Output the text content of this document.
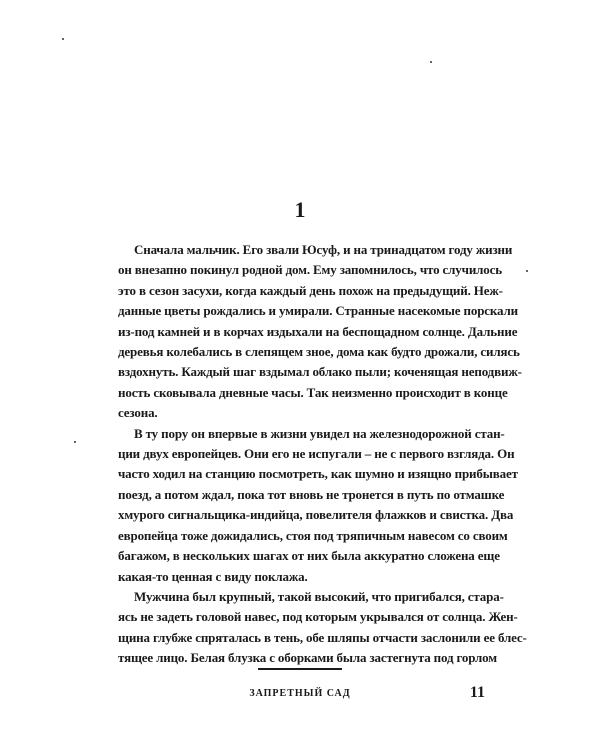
1

Сначала мальчик. Его звали Юсуф, и на тринадцатом году жизни
он внезапно покинул родной дом. Ему запомнилось, что случилось
это в сезон засухи, когда каждый день похож на предыдущий. Неж-
данные цветы рождались и умирали. Странные насекомые порскали
из-под камней и в корчах издыхали на беспощадном солнце. Дальние
деревья колебались в слепящем зное, дома как будто дрожали, силясь
вздохнуть. Каждый шаг вздымал облако пыли; коченящая неподвиж-
ность сковывала дневные часы. Так неизменно происходит в конце
сезона.

В ту пору он впервые в жизни увидел на железнодорожной стан-
ции двух европейцев. Они его не испугали – не с первого взгляда. Он
часто ходил на станцию посмотреть, как шумно и изящно прибывает
поезд, а потом ждал, пока тот вновь не тронется в путь по отмашке
хмурого сигнальщика-индийца, повелителя флажков и свистка. Два
европейца тоже дожидались, стоя под тряпичным навесом со своим
багажом, в нескольких шагах от них была аккуратно сложена еще
какая-то ценная с виду поклажа.

Мужчина был крупный, такой высокий, что пригибался, стара-
ясь не задеть головой навес, под которым укрывался от солнца. Жен-
щина глубже спряталась в тень, обе шляпы отчасти заслонили ее блес-
тящее лицо. Белая блузка с оборками была застегнута под горлом

ЗАПРЕТНЫЙ САД	11
